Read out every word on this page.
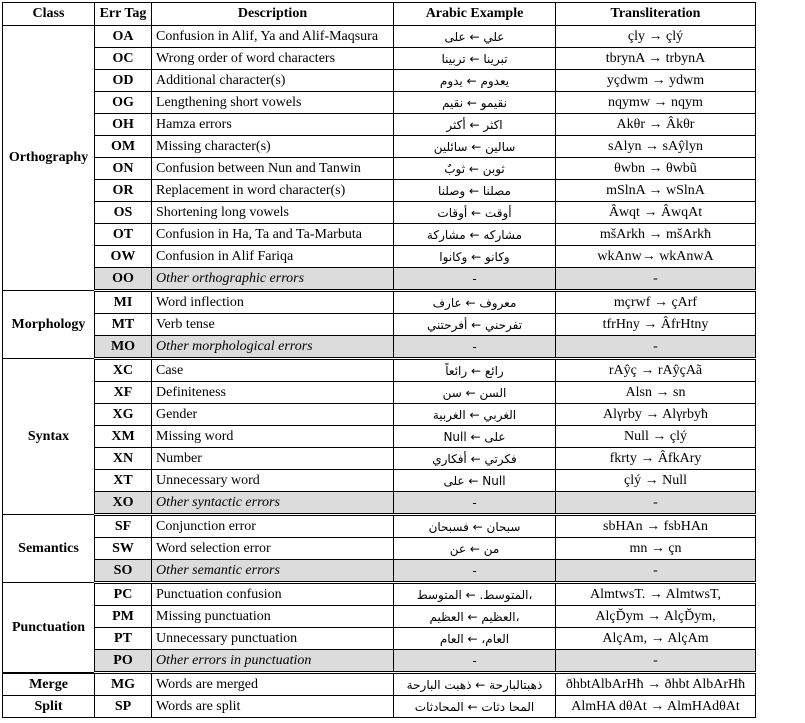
Class	Err Tag	Description	Arabic Example	Transliteration
Orthography	OA	Confusion in Alif, Ya and Alif-Maqsura	علي ← على	çly → çlý
	OC	Wrong order of word characters	تبرينا ← تربينا	tbrynA → trbynA
	OD	Additional character(s)	يعدوم ← يدوم	yçdwm → ydwm
	OG	Lengthening short vowels	نقيمو ← نقيم	nqymw → nqym
	OH	Hamza errors	اكثر ← أكثر	Akθr → Âkθr
	OM	Missing character(s)	سالين ← سائلين	sAlyn → sAŷlyn
	ON	Confusion between Nun and Tanwin	ثوبن ← ثوبٌ	θwbn → θwbũ
	OR	Replacement in word character(s)	مصلنا ← وصلنا	mSlnA → wSlnA
	OS	Shortening long vowels	أوقت ← أوقات	Âwqt → ÂwqAt
	OT	Confusion in Ha, Ta and Ta-Marbuta	مشاركه ← مشاركة	mšArkh → mšArkħ
	OW	Confusion in Alif Fariqa	وكانو ← وكانوا	wkAnw→ wkAnwA
	OO	Other orthographic errors	-	-
Morphology	MI	Word inflection	معروف ← عارف	mçrwf → çArf
	MT	Verb tense	تفرحني ← أفرحتني	tfrHny → ÂfrHtny
	MO	Other morphological errors	-	-
Syntax	XC	Case	رائع ← رائعاً	rAŷç → rAŷçAã
	XF	Definiteness	السن ← سن	Alsn → sn
	XG	Gender	الغربي ← الغربية	Alγrby → Alγrbyħ
	XM	Missing word	Null ← على	Null → çlý
	XN	Number	فكرتي ← أفكاري	fkrty → ÂfkAry
	XT	Unnecessary word	على ← Null	çlý → Null
	XO	Other syntactic errors	-	-
Semantics	SF	Conjunction error	سبحان ← فسبحان	sbHAn → fsbHAn
	SW	Word selection error	من ← عن	mn → çn
	SO	Other semantic errors	-	-
Punctuation	PC	Punctuation confusion	المتوسط. ← المتوسط،	AlmtwsT. → AlmtwsT,
	PM	Missing punctuation	العظيم ← العظيم،	AlçĎym → AlçĎym,
	PT	Unnecessary punctuation	العام، ← العام	AlçAm, → AlçAm
	PO	Other errors in punctuation	-	-
Merge	MG	Words are merged	ذهبتالبارحة ← ذهبت البارحة	ðhbtAlbArHħ → ðhbt AlbArHħ
Split	SP	Words are split	المحا دثات ← المحادثات	AlmHA dθAt → AlmHAdθAt
